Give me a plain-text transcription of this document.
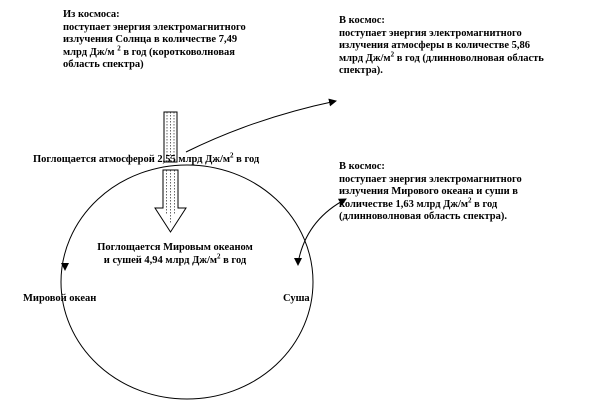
Из космоса:
поступает энергия электромагнитного
излучения Солнца в количестве 7,49
млрд Дж/м $^2$ в год (коротковолновая
область спектра)
В космос:
поступает энергия электромагнитного
излучения атмосферы в количестве 5,86
млрд $Дж/м^2$ в год (длинноволновая область
спектра).
Поглощается атмосферой 2,55 млрд $Дж/м^2$ в год
В космос:
поступает энергия электромагнитного
излучения Мирового океана и суши в
количестве 1,63 млрд $Дж/м^2$ в год
(длинноволновая область спектра).
Поглощается Мировым океаном
и сушей 4,94 млрд $Дж/м^2$ в год
Мировой океан	Суша
